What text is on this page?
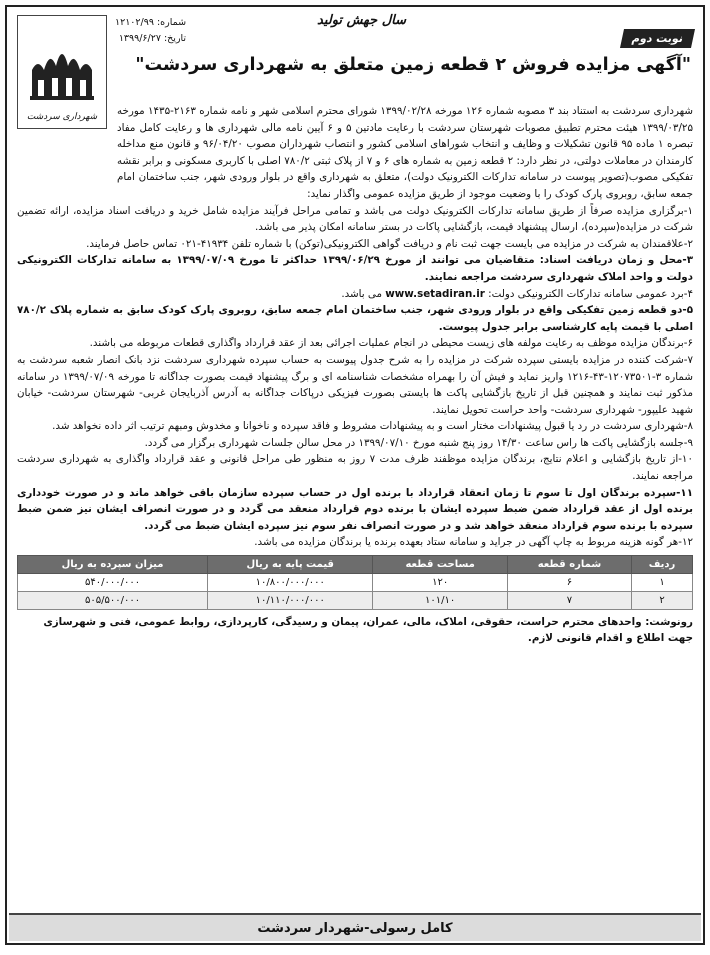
شهرداری سردشت
شماره: ۱۲۱۰۲/۹۹
تاریخ: ۱۳۹۹/۶/۲۷
سال جهش تولید
نوبت دوم
"آگهی مزایده فروش ۲ قطعه زمین متعلق به شهرداری سردشت"

شهرداری سردشت به استناد بند ۳ مصوبه شماره ۱۲۶ مورخه ۱۳۹۹/۰۲/۲۸ شورای محترم اسلامی شهر و نامه شماره ۲۱۶۳-۱۴۳۵ مورخه ۱۳۹۹/۰۳/۲۵ هیئت محترم تطبیق مصوبات شهرستان سردشت با رعایت مادتین ۵ و ۶ آیین نامه مالی شهرداری ها و رعایت کامل مفاد تبصره ۱ ماده ۹۵ قانون تشکیلات و وظایف و انتخاب شوراهای اسلامی کشور و انتصاب شهرداران مصوب ۹۶/۰۴/۲۰ و قانون منع مداخله کارمندان در معاملات دولتی، در نظر دارد: ۲ قطعه زمین به شماره های ۶ و ۷ از پلاک ثبتی ۷۸۰/۲ اصلی با کاربری مسکونی و برابر نقشه تفکیکی مصوب(تصویر پیوست در سامانه تدارکات الکترونیک دولت)، متعلق به شهرداری واقع در بلوار ورودی شهر، جنب ساختمان امام جمعه سابق، روبروی پارک کودک را با وضعیت موجود از طریق مزایده عمومی واگذار نماید:

۱-برگزاری مزایده صرفاً از طریق سامانه تدارکات الکترونیک دولت می باشد و تمامی مراحل فرآیند مزایده شامل خرید و دریافت اسناد مزایده، ارائه تضمین شرکت در مزایده(سپرده)، ارسال پیشنهاد قیمت، بازگشایی پاکات در بستر سامانه امکان پذیر می باشد.

۲-علاقمندان به شرکت در مزایده می بایست جهت ثبت نام و دریافت گواهی الکترونیکی(توکن) با شماره تلفن ۴۱۹۳۴-۰۲۱ تماس حاصل فرمایند.

۳-محل و زمان دریافت اسناد: متقاضیان می توانند از مورخ ۱۳۹۹/۰۶/۲۹ حداکثر تا مورخ ۱۳۹۹/۰۷/۰۹ به سامانه تدارکات الکترونیکی دولت و واحد املاک شهرداری سردشت مراجعه نمایند.

۴-برد عمومی سامانه تدارکات الکترونیکی دولت: www.setadiran.ir می باشد.

۵-دو قطعه زمین تفکیکی واقع در بلوار ورودی شهر، جنب ساختمان امام جمعه سابق، روبروی پارک کودک سابق به شماره پلاک ۷۸۰/۲ اصلی با قیمت پایه کارشناسی برابر جدول پیوست.

۶-برندگان مزایده موظف به رعایت مولفه های زیست محیطی در انجام عملیات اجرائی بعد از عقد قرارداد واگذاری قطعات مربوطه می باشند.

۷-شرکت کننده در مزایده بایستی سپرده شرکت در مزایده را به شرح جدول پیوست به حساب سپرده شهرداری سردشت نزد بانک انصار شعبه سردشت به شماره ۳-۱۲۰۷۳۵۰۱-۴۳-۱۲۱۶ واریز نماید و فیش آن را بهمراه مشخصات شناسنامه ای و برگ پیشنهاد قیمت بصورت جداگانه تا مورخه ۱۳۹۹/۰۷/۰۹ در سامانه مذکور ثبت نمایند و همچنین قبل از تاریخ بازگشایی پاکت ها بایستی بصورت فیزیکی درپاکات جداگانه به آدرس آذربایجان غربی- شهرستان سردشت- خیابان شهید علیپور- شهرداری سردشت- واحد حراست تحویل نمایند.

۸-شهرداری سردشت در رد یا قبول پیشنهادات مختار است و به پیشنهادات مشروط و فاقد سپرده و ناخوانا و مخدوش ومبهم ترتیب اثر داده نخواهد شد.

۹-جلسه بازگشایی پاکت ها راس ساعت ۱۴/۳۰ روز پنج شنبه مورخ ۱۳۹۹/۰۷/۱۰ در محل سالن جلسات شهرداری برگزار می گردد.

۱۰-از تاریخ بازگشایی و اعلام نتایج، برندگان مزایده موظفند ظرف مدت ۷ روز به منظور طی مراحل قانونی و عقد قرارداد واگذاری به شهرداری سردشت مراجعه نمایند.

۱۱-سپرده برندگان اول تا سوم تا زمان انعقاد قرارداد با برنده اول در حساب سپرده سازمان باقی خواهد ماند و در صورت خودداری برنده اول از عقد قرارداد ضمن ضبط سپرده ایشان با برنده دوم قرارداد منعقد می گردد و در صورت انصراف ایشان نیز ضمن ضبط سپرده با برنده سوم قرارداد منعقد خواهد شد و در صورت انصراف نفر سوم نیز سپرده ایشان ضبط می گردد.

۱۲-هر گونه هزینه مربوط به چاپ آگهی در جراید و سامانه ستاد بعهده برنده یا برندگان مزایده می باشد.

ردیف	شماره قطعه	مساحت قطعه	قیمت پایه به ریال	میزان سپرده به ریال
۱	۶	۱۲۰	۱۰/۸۰۰/۰۰۰/۰۰۰	۵۴۰/۰۰۰/۰۰۰
۲	۷	۱۰۱/۱۰	۱۰/۱۱۰/۰۰۰/۰۰۰	۵۰۵/۵۰۰/۰۰۰
رونوشت: واحدهای محترم حراست، حقوقی، املاک، مالی، عمران، پیمان و رسیدگی، کارپردازی، روابط عمومی، فنی و شهرسازی جهت اطلاع و اقدام قانونی لازم.
کامل رسولی-شهردار سردشت
